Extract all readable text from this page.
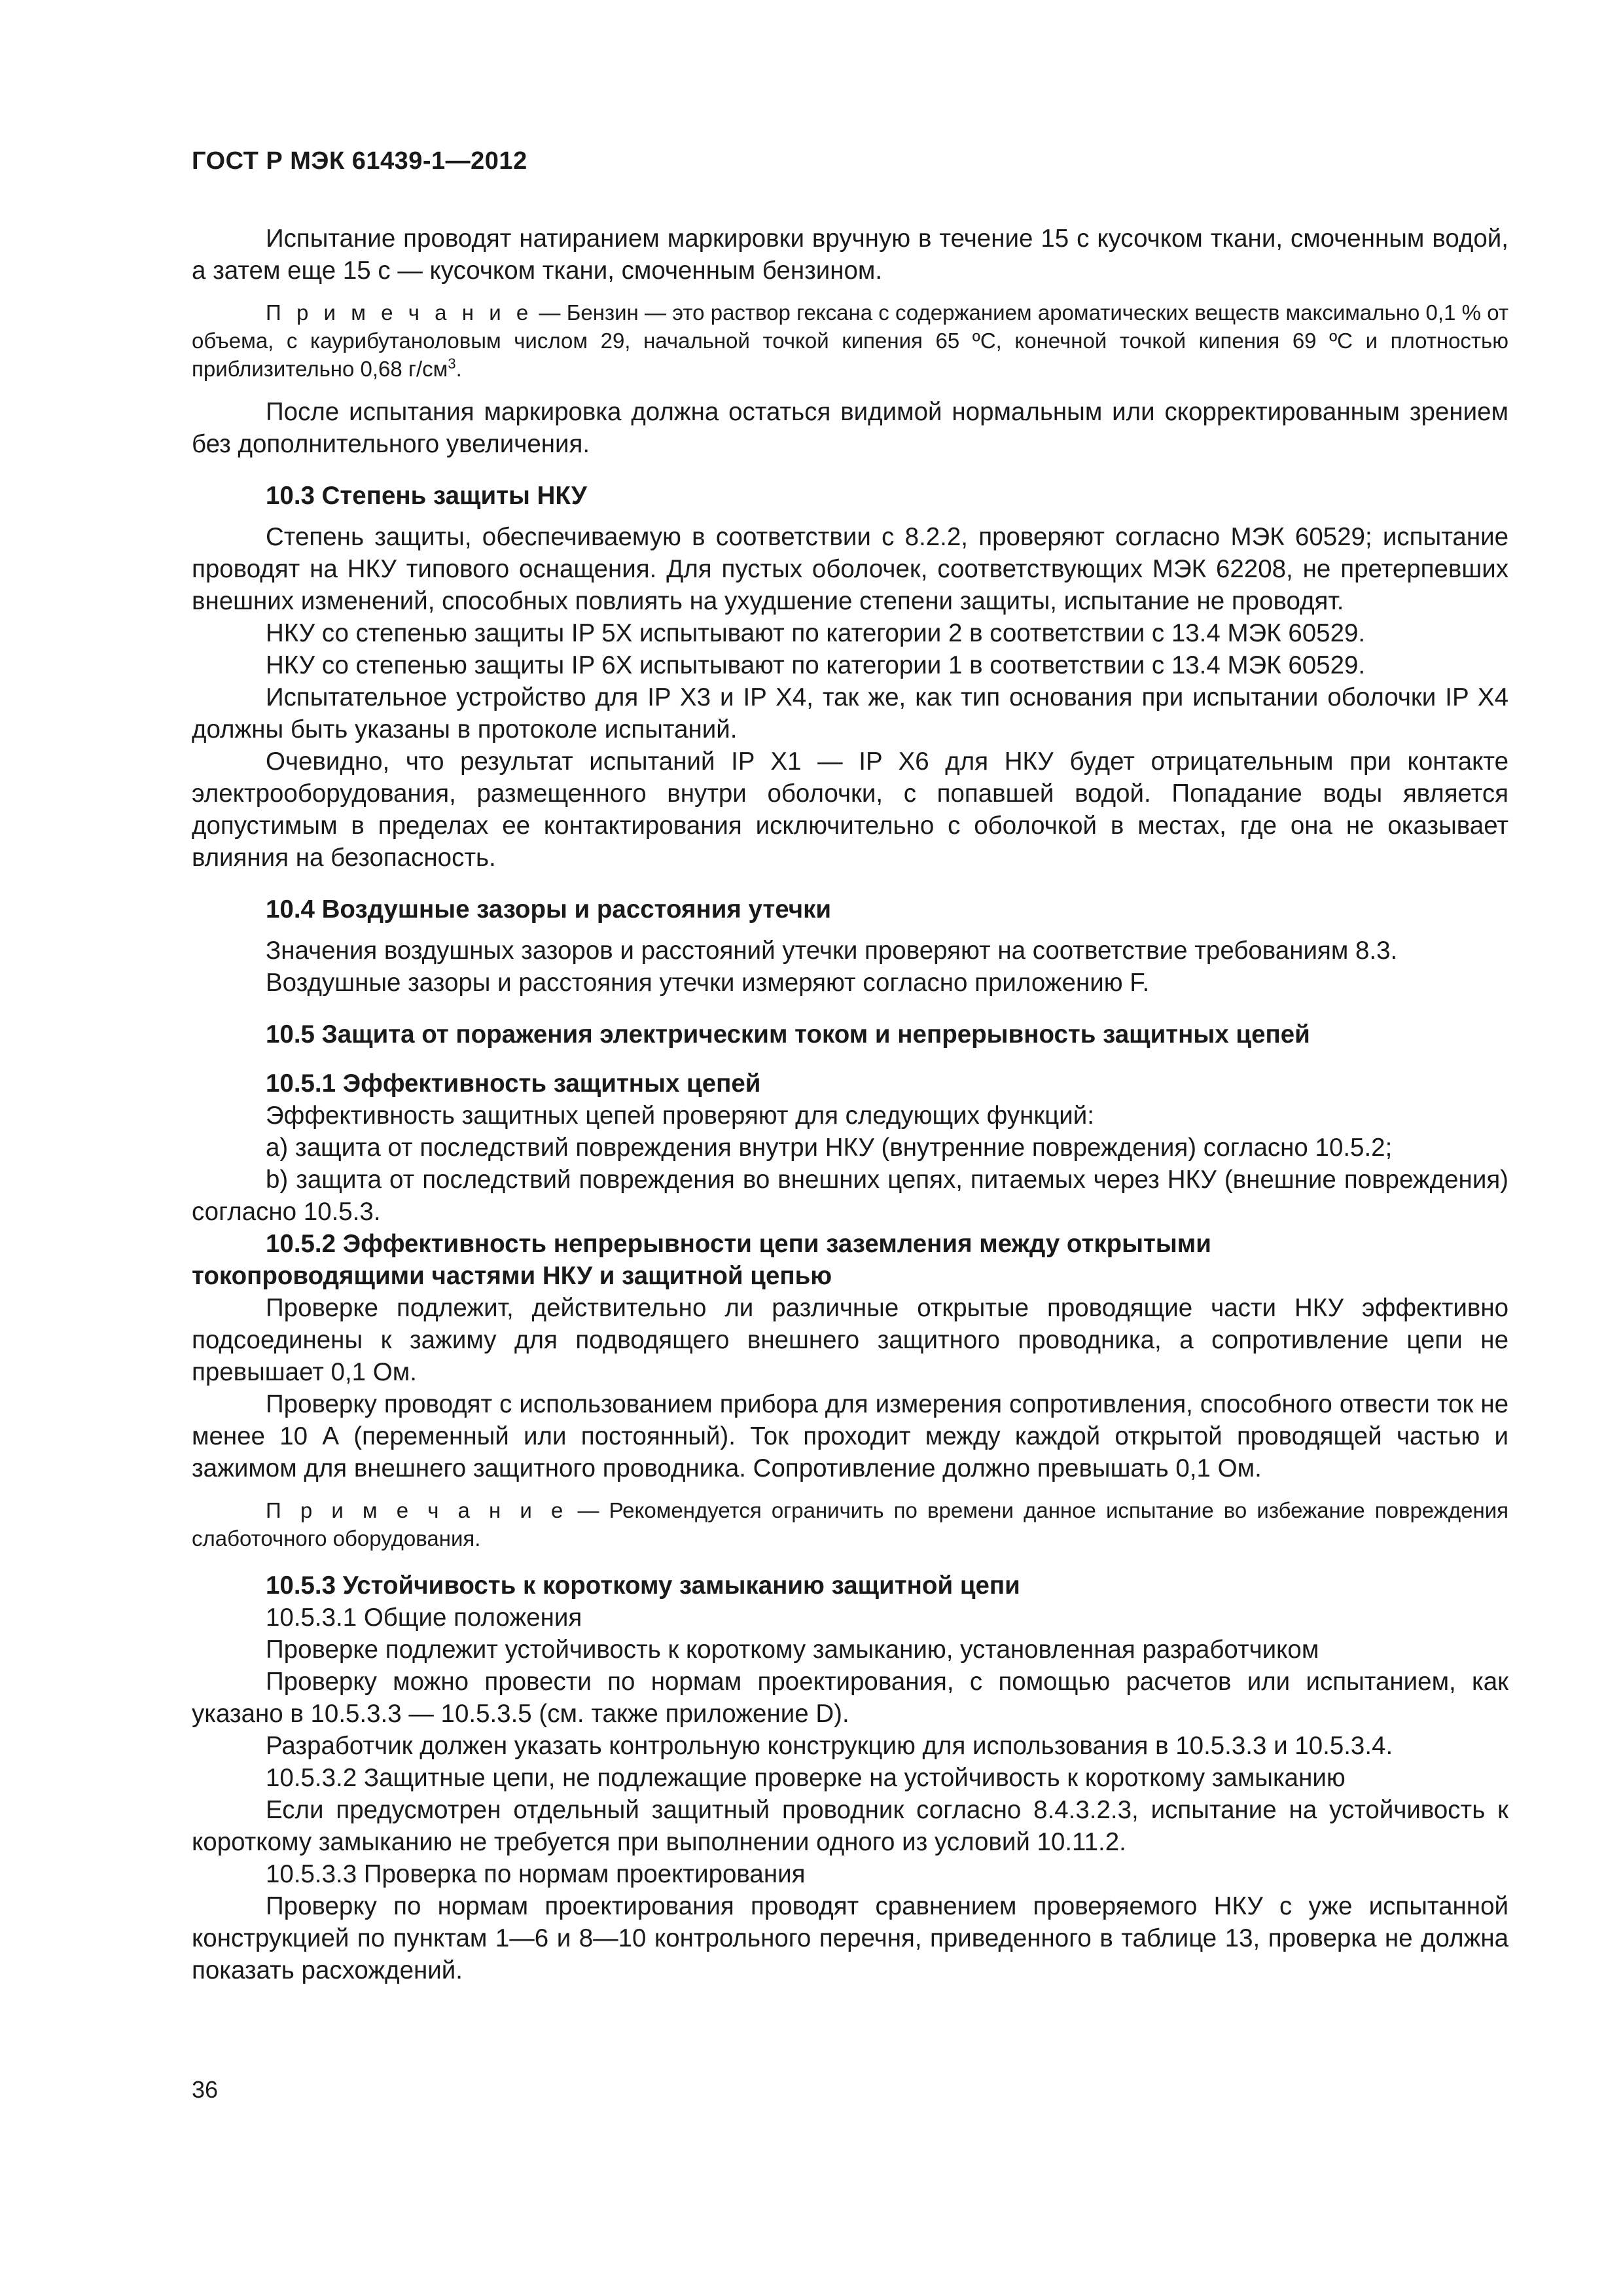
ГОСТ Р МЭК 61439-1—2012

Испытание проводят натиранием маркировки вручную в течение 15 с кусочком ткани, смоченным водой, а затем еще 15 с — кусочком ткани, смоченным бензином.

П р и м е ч а н и е — Бензин — это раствор гексана с содержанием ароматических веществ максимально 0,1 % от объема, с каурибутаноловым числом 29, начальной точкой кипения 65 ºС, конечной точкой кипения 69 ºС и плотностью приблизительно 0,68 $г/см^3$.

После испытания маркировка должна остаться видимой нормальным или скорректированным зрением без дополнительного увеличения.

10.3 Степень защиты НКУ

Степень защиты, обеспечиваемую в соответствии с 8.2.2, проверяют согласно МЭК 60529; испытание проводят на НКУ типового оснащения. Для пустых оболочек, соответствующих МЭК 62208, не претерпевших внешних изменений, способных повлиять на ухудшение степени защиты, испытание не проводят.

НКУ со степенью защиты IP 5X испытывают по категории 2 в соответствии с 13.4 МЭК 60529.

НКУ со степенью защиты IP 6X испытывают по категории 1 в соответствии с 13.4 МЭК 60529.

Испытательное устройство для IP X3 и IP X4, так же, как тип основания при испытании оболочки IP X4 должны быть указаны в протоколе испытаний.

Очевидно, что результат испытаний IP X1 — IP X6 для НКУ будет отрицательным при контакте электрооборудования, размещенного внутри оболочки, с попавшей водой. Попадание воды является допустимым в пределах ее контактирования исключительно с оболочкой в местах, где она не оказывает влияния на безопасность.

10.4 Воздушные зазоры и расстояния утечки

Значения воздушных зазоров и расстояний утечки проверяют на соответствие требованиям 8.3.

Воздушные зазоры и расстояния утечки измеряют согласно приложению F.

10.5 Защита от поражения электрическим током и непрерывность защитных цепей
10.5.1 Эффективность защитных цепей

Эффективность защитных цепей проверяют для следующих функций:

a) защита от последствий повреждения внутри НКУ (внутренние повреждения) согласно 10.5.2;

b) защита от последствий повреждения во внешних цепях, питаемых через НКУ (внешние повреждения) согласно 10.5.3.

10.5.2 Эффективность непрерывности цепи заземления между открытыми
токопроводящими частями НКУ и защитной цепью

Проверке подлежит, действительно ли различные открытые проводящие части НКУ эффективно подсоединены к зажиму для подводящего внешнего защитного проводника, а сопротивление цепи не превышает 0,1 Ом.

Проверку проводят с использованием прибора для измерения сопротивления, способного отвести ток не менее 10 А (переменный или постоянный). Ток проходит между каждой открытой проводящей частью и зажимом для внешнего защитного проводника. Сопротивление должно превышать 0,1 Ом.

П р и м е ч а н и е — Рекомендуется ограничить по времени данное испытание во избежание повреждения слаботочного оборудования.
10.5.3 Устойчивость к короткому замыканию защитной цепи

10.5.3.1 Общие положения

Проверке подлежит устойчивость к короткому замыканию, установленная разработчиком

Проверку можно провести по нормам проектирования, с помощью расчетов или испытанием, как указано в 10.5.3.3 — 10.5.3.5 (см. также приложение D).

Разработчик должен указать контрольную конструкцию для использования в 10.5.3.3 и 10.5.3.4.

10.5.3.2 Защитные цепи, не подлежащие проверке на устойчивость к короткому замыканию

Если предусмотрен отдельный защитный проводник согласно 8.4.3.2.3, испытание на устойчивость к короткому замыканию не требуется при выполнении одного из условий 10.11.2.

10.5.3.3 Проверка по нормам проектирования

Проверку по нормам проектирования проводят сравнением проверяемого НКУ с уже испытанной конструкцией по пунктам 1—6 и 8—10 контрольного перечня, приведенного в таблице 13, проверка не должна показать расхождений.

36
